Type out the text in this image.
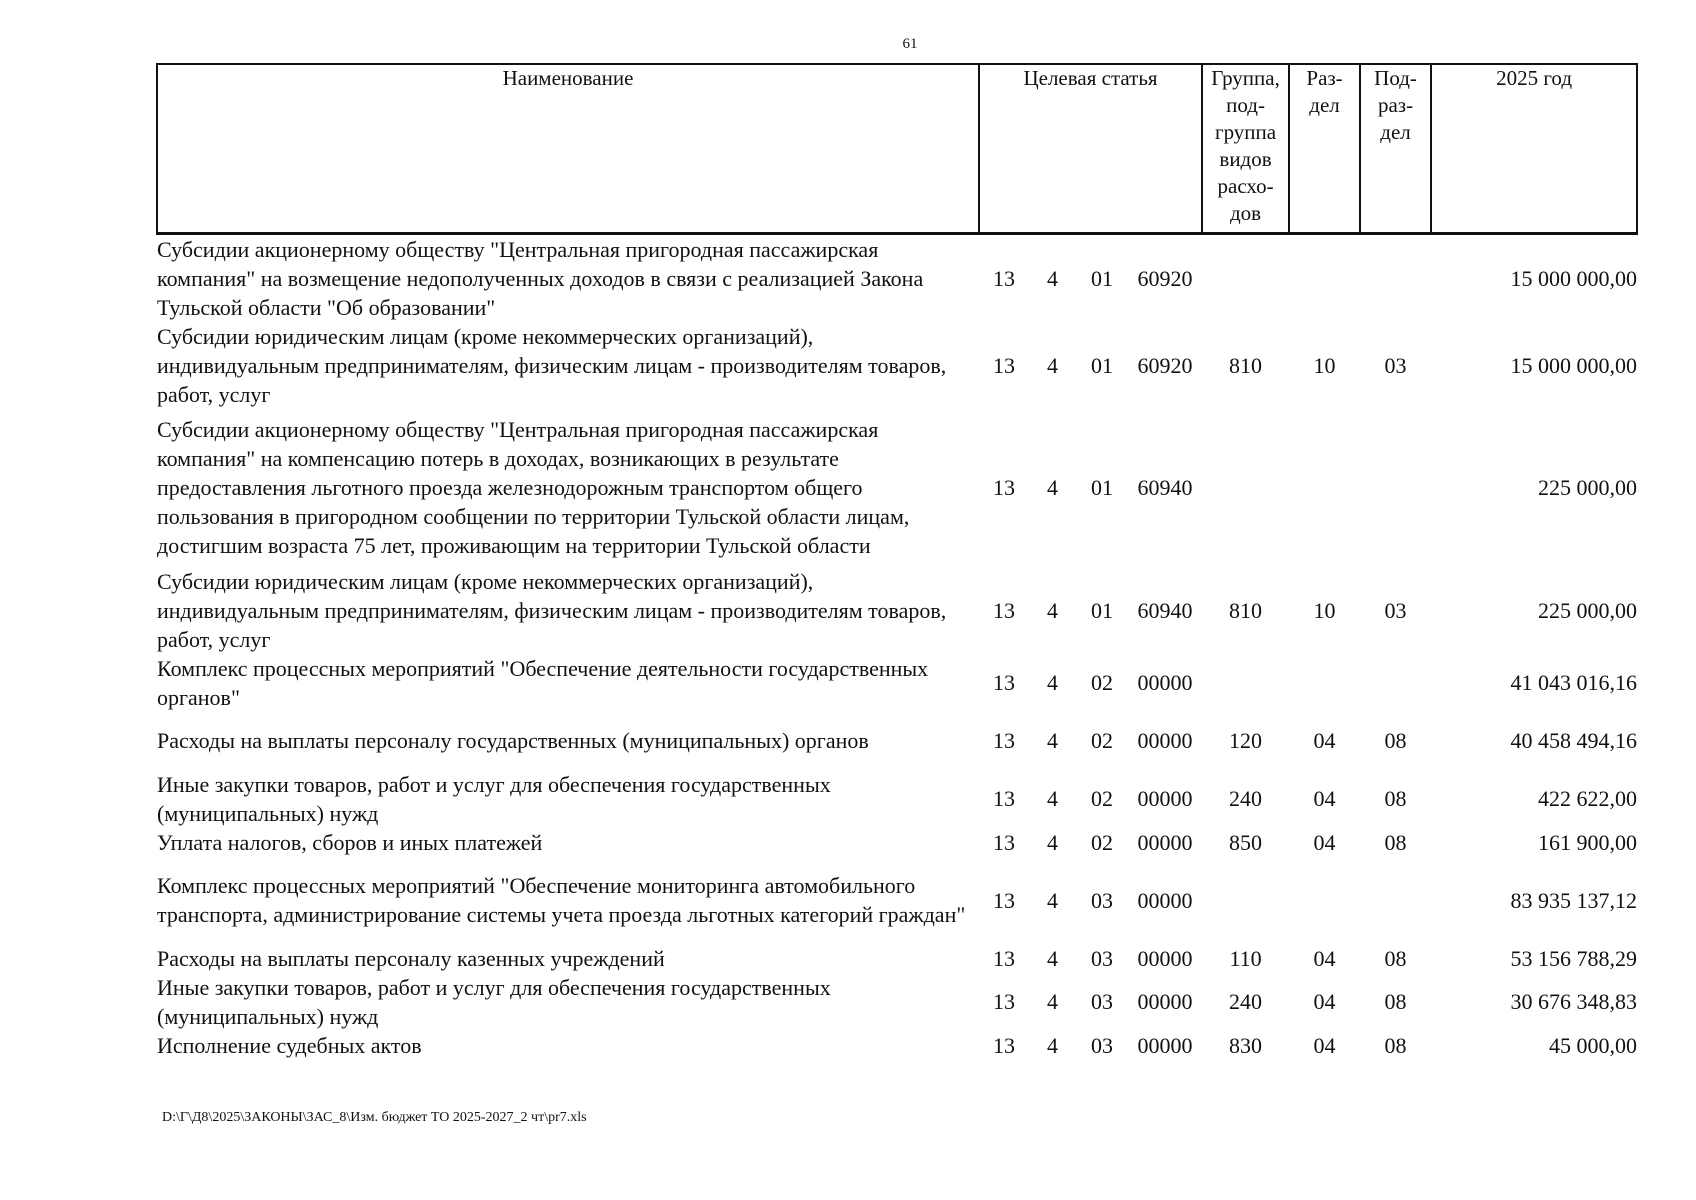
61
Наименование	Целевая статья				Группа, под-группа видов расхо-дов	Раз-дел	Под-раз-дел	2025 год
Субсидии акционерному обществу "Центральная пригородная пассажирская компания" на возмещение недополученных доходов в связи с реализацией Закона Тульской области "Об образовании"	13	4	01	60920				15 000 000,00
Субсидии юридическим лицам (кроме некоммерческих организаций), индивидуальным предпринимателям, физическим лицам - производителям товаров, работ, услуг	13	4	01	60920	810	10	03	15 000 000,00
Субсидии акционерному обществу "Центральная пригородная пассажирская компания" на компенсацию потерь в доходах, возникающих в результате предоставления льготного проезда железнодорожным транспортом общего пользования в пригородном сообщении по территории Тульской области лицам, достигшим возраста 75 лет, проживающим на территории Тульской области	13	4	01	60940				225 000,00
Субсидии юридическим лицам (кроме некоммерческих организаций), индивидуальным предпринимателям, физическим лицам - производителям товаров, работ, услуг	13	4	01	60940	810	10	03	225 000,00
Комплекс процессных мероприятий "Обеспечение деятельности государственных органов"	13	4	02	00000				41 043 016,16
Расходы на выплаты персоналу государственных (муниципальных) органов	13	4	02	00000	120	04	08	40 458 494,16
Иные закупки товаров, работ и услуг для обеспечения государственных (муниципальных) нужд	13	4	02	00000	240	04	08	422 622,00
Уплата налогов, сборов и иных платежей	13	4	02	00000	850	04	08	161 900,00
Комплекс процессных мероприятий "Обеспечение мониторинга автомобильного транспорта, администрирование системы учета проезда льготных категорий граждан"	13	4	03	00000				83 935 137,12
Расходы на выплаты персоналу казенных учреждений	13	4	03	00000	110	04	08	53 156 788,29
Иные закупки товаров, работ и услуг для обеспечения государственных (муниципальных) нужд	13	4	03	00000	240	04	08	30 676 348,83
Исполнение судебных актов	13	4	03	00000	830	04	08	45 000,00
D:\Г\Д8\2025\ЗАКОНЫ\ЗАС_8\Изм. бюджет ТО 2025-2027_2 чт\pr7.xls
